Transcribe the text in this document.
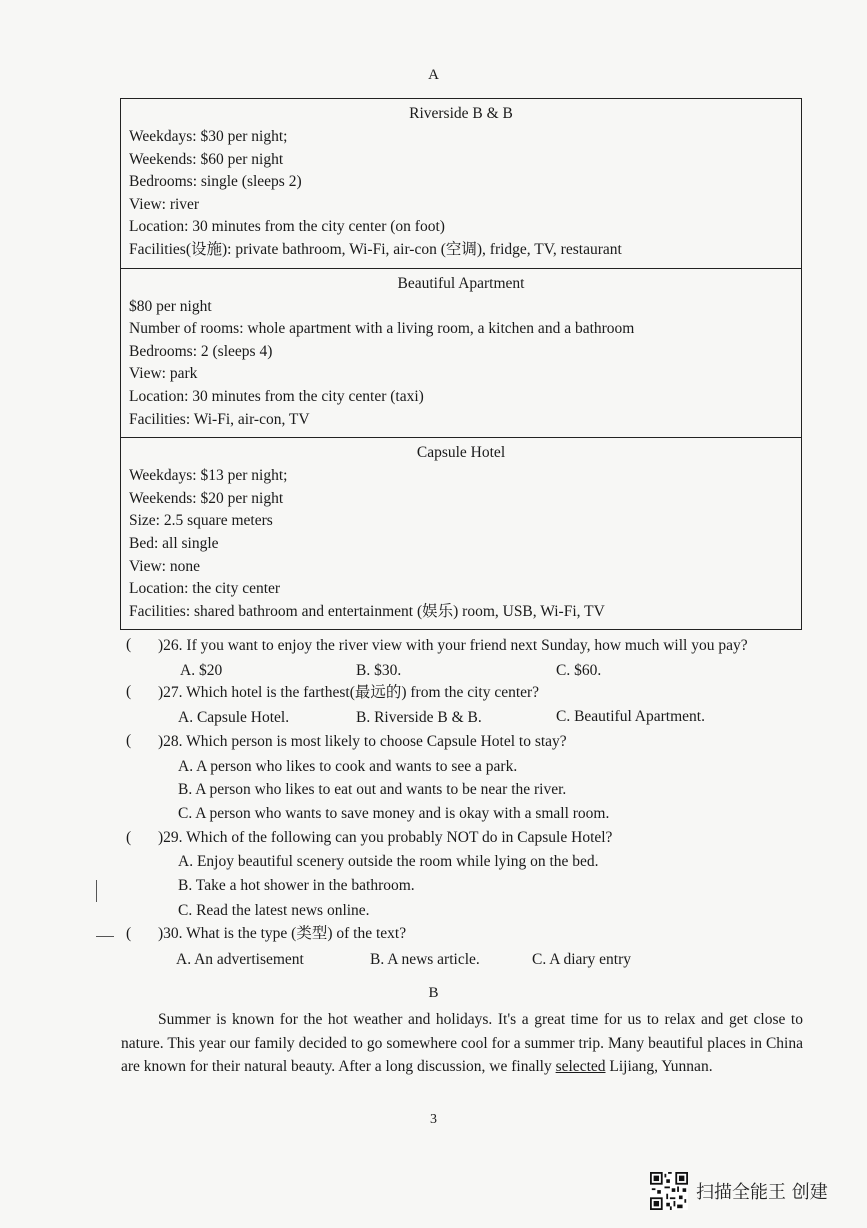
A
Riverside B & B
Weekdays: $30 per night;
Weekends: $60 per night
Bedrooms: single (sleeps 2)
View: river
Location: 30 minutes from the city center (on foot)
Facilities(设施): private bathroom, Wi-Fi, air-con (空调), fridge, TV, restaurant
Beautiful Apartment
$80 per night
Number of rooms: whole apartment with a living room, a kitchen and a bathroom
Bedrooms: 2 (sleeps 4)
View: park
Location: 30 minutes from the city center (taxi)
Facilities: Wi-Fi, air-con, TV
Capsule Hotel
Weekdays: $13 per night;
Weekends: $20 per night
Size: 2.5 square meters
Bed: all single
View: none
Location: the city center
Facilities: shared bathroom and entertainment (娱乐) room, USB, Wi-Fi, TV
( )26. If you want to enjoy the river view with your friend next Sunday, how much will you pay?
A. $20	B. $30.	C. $60.
( )27. Which hotel is the farthest(最远的) from the city center?
A. Capsule Hotel.	B. Riverside B & B.	C. Beautiful Apartment.
( )28. Which person is most likely to choose Capsule Hotel to stay?
A. A person who likes to cook and wants to see a park.
B. A person who likes to eat out and wants to be near the river.
C. A person who wants to save money and is okay with a small room.
( )29. Which of the following can you probably NOT do in Capsule Hotel?
A. Enjoy beautiful scenery outside the room while lying on the bed.
B. Take a hot shower in the bathroom.
C. Read the latest news online.
( )30. What is the type (类型) of the text?
A. An advertisement	B. A news article.	C. A diary entry
B
Summer is known for the hot weather and holidays. It's a great time for us to relax and get close to nature. This year our family decided to go somewhere cool for a summer trip. Many beautiful places in China are known for their natural beauty. After a long discussion, we finally selected Lijiang, Yunnan.
3
扫描全能王 创建
